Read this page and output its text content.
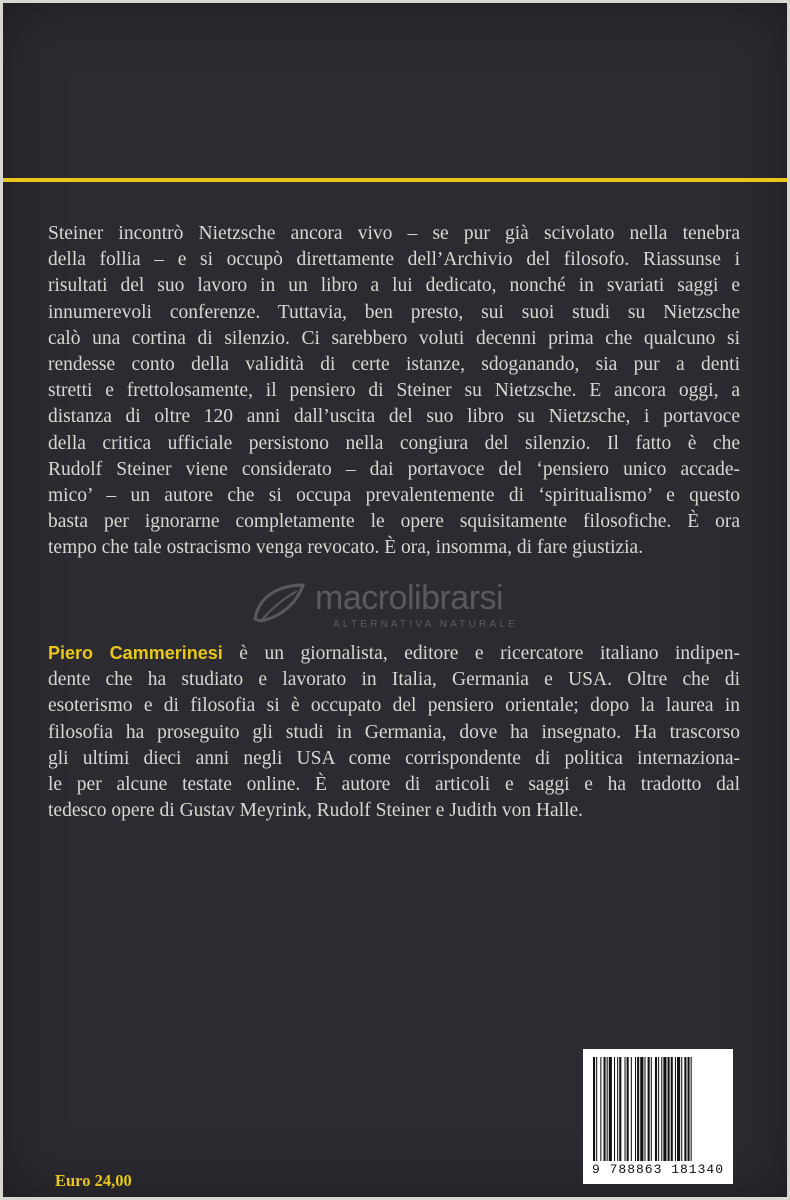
Steiner incontrò Nietzsche ancora vivo – se pur già scivolato nella tenebra
della follia – e si occupò direttamente dell’Archivio del filosofo. Riassunse i
risultati del suo lavoro in un libro a lui dedicato, nonché in svariati saggi e
innumerevoli conferenze. Tuttavia, ben presto, sui suoi studi su Nietzsche
calò una cortina di silenzio. Ci sarebbero voluti decenni prima che qualcuno si
rendesse conto della validità di certe istanze, sdoganando, sia pur a denti
stretti e frettolosamente, il pensiero di Steiner su Nietzsche. E ancora oggi, a
distanza di oltre 120 anni dall’uscita del suo libro su Nietzsche, i portavoce
della critica ufficiale persistono nella congiura del silenzio. Il fatto è che
Rudolf Steiner viene considerato – dai portavoce del ‘pensiero unico accade-
mico’ – un autore che si occupa prevalentemente di ‘spiritualismo’ e questo
basta per ignorarne completamente le opere squisitamente filosofiche. È ora
tempo che tale ostracismo venga revocato. È ora, insomma, di fare giustizia.

macrolibrarsi
ALTERNATIVA NATURALE

Piero Cammerinesi è un giornalista, editore e ricercatore italiano indipen-
dente che ha studiato e lavorato in Italia, Germania e USA. Oltre che di
esoterismo e di filosofia si è occupato del pensiero orientale; dopo la laurea in
filosofia ha proseguito gli studi in Germania, dove ha insegnato. Ha trascorso
gli ultimi dieci anni negli USA come corrispondente di politica internaziona-
le per alcune testate online. È autore di articoli e saggi e ha tradotto dal
tedesco opere di Gustav Meyrink, Rudolf Steiner e Judith von Halle.

Euro 24,00
9 788863 181340
